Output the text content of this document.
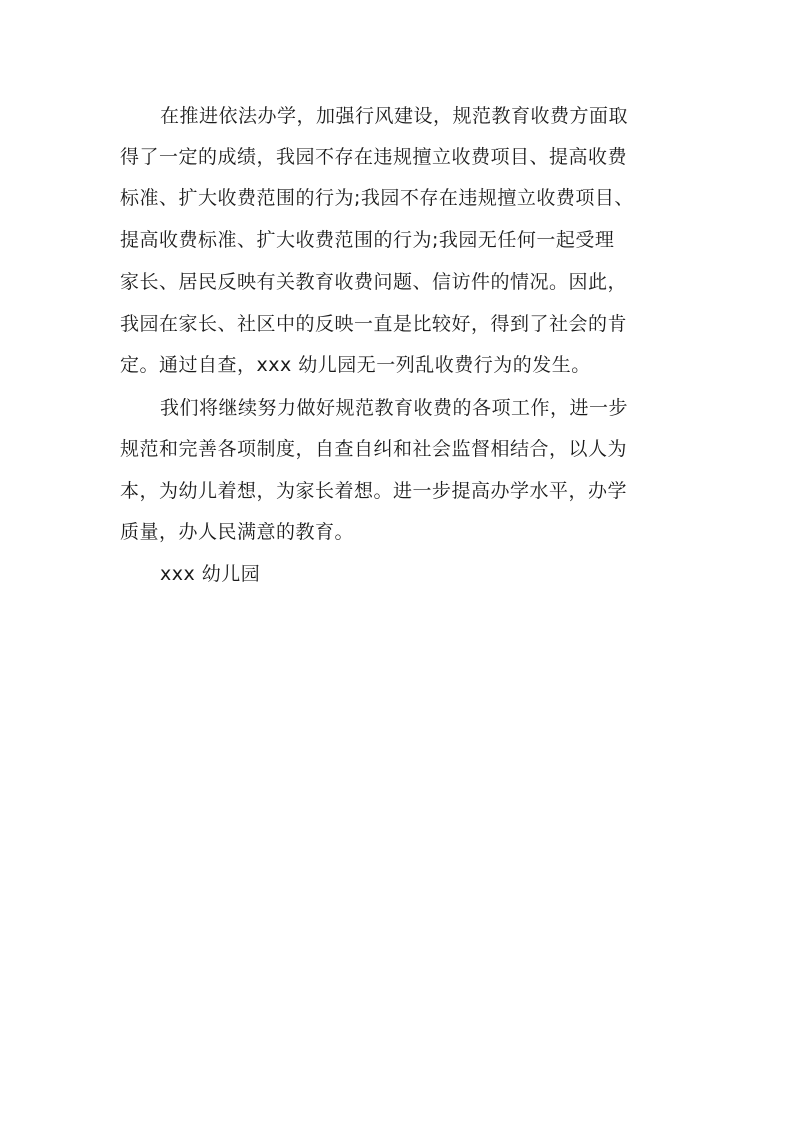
在推进依法办学，加强行风建设，规范教育收费方面取
得了一定的成绩，我园不存在违规擅立收费项目、提高收费
标准、扩大收费范围的行为;我园不存在违规擅立收费项目、
提高收费标准、扩大收费范围的行为;我园无任何一起受理
家长、居民反映有关教育收费问题、信访件的情况。因此，
我园在家长、社区中的反映一直是比较好，得到了社会的肯
定。通过自查，xxx 幼儿园无一列乱收费行为的发生。
我们将继续努力做好规范教育收费的各项工作，进一步
规范和完善各项制度，自查自纠和社会监督相结合，以人为
本，为幼儿着想，为家长着想。进一步提高办学水平，办学
质量，办人民满意的教育。
xxx 幼儿园
